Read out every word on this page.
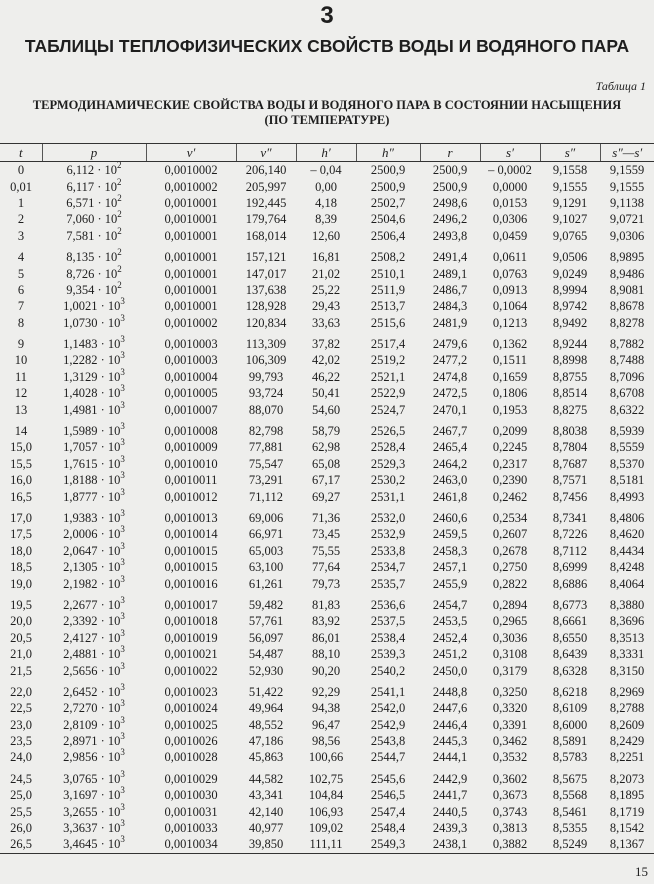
3
ТАБЛИЦЫ ТЕПЛОФИЗИЧЕСКИХ СВОЙСТВ ВОДЫ И ВОДЯНОГО ПАРА
Таблица 1
ТЕРМОДИНАМИЧЕСКИЕ СВОЙСТВА ВОДЫ И ВОДЯНОГО ПАРА В СОСТОЯНИИ НАСЫЩЕНИЯ
(ПО ТЕМПЕРАТУРЕ)
t	p	v′	v″	h′	h″	r	s′	s″	s″—s′
0	$6,112 \cdot 10^2$	0,0010002	206,140	– 0,04	2500,9	2500,9	– 0,0002	9,1558	9,1559
0,01	$6,117 \cdot 10^2$	0,0010002	205,997	0,00	2500,9	2500,9	0,0000	9,1555	9,1555
1	$6,571 \cdot 10^2$	0,0010001	192,445	4,18	2502,7	2498,6	0,0153	9,1291	9,1138
2	$7,060 \cdot 10^2$	0,0010001	179,764	8,39	2504,6	2496,2	0,0306	9,1027	9,0721
3	$7,581 \cdot 10^2$	0,0010001	168,014	12,60	2506,4	2493,8	0,0459	9,0765	9,0306
4	$8,135 \cdot 10^2$	0,0010001	157,121	16,81	2508,2	2491,4	0,0611	9,0506	8,9895
5	$8,726 \cdot 10^2$	0,0010001	147,017	21,02	2510,1	2489,1	0,0763	9,0249	8,9486
6	$9,354 \cdot 10^2$	0,0010001	137,638	25,22	2511,9	2486,7	0,0913	8,9994	8,9081
7	$1,0021 \cdot 10^3$	0,0010001	128,928	29,43	2513,7	2484,3	0,1064	8,9742	8,8678
8	$1,0730 \cdot 10^3$	0,0010002	120,834	33,63	2515,6	2481,9	0,1213	8,9492	8,8278
9	$1,1483 \cdot 10^3$	0,0010003	113,309	37,82	2517,4	2479,6	0,1362	8,9244	8,7882
10	$1,2282 \cdot 10^3$	0,0010003	106,309	42,02	2519,2	2477,2	0,1511	8,8998	8,7488
11	$1,3129 \cdot 10^3$	0,0010004	99,793	46,22	2521,1	2474,8	0,1659	8,8755	8,7096
12	$1,4028 \cdot 10^3$	0,0010005	93,724	50,41	2522,9	2472,5	0,1806	8,8514	8,6708
13	$1,4981 \cdot 10^3$	0,0010007	88,070	54,60	2524,7	2470,1	0,1953	8,8275	8,6322
14	$1,5989 \cdot 10^3$	0,0010008	82,798	58,79	2526,5	2467,7	0,2099	8,8038	8,5939
15,0	$1,7057 \cdot 10^3$	0,0010009	77,881	62,98	2528,4	2465,4	0,2245	8,7804	8,5559
15,5	$1,7615 \cdot 10^3$	0,0010010	75,547	65,08	2529,3	2464,2	0,2317	8,7687	8,5370
16,0	$1,8188 \cdot 10^3$	0,0010011	73,291	67,17	2530,2	2463,0	0,2390	8,7571	8,5181
16,5	$1,8777 \cdot 10^3$	0,0010012	71,112	69,27	2531,1	2461,8	0,2462	8,7456	8,4993
17,0	$1,9383 \cdot 10^3$	0,0010013	69,006	71,36	2532,0	2460,6	0,2534	8,7341	8,4806
17,5	$2,0006 \cdot 10^3$	0,0010014	66,971	73,45	2532,9	2459,5	0,2607	8,7226	8,4620
18,0	$2,0647 \cdot 10^3$	0,0010015	65,003	75,55	2533,8	2458,3	0,2678	8,7112	8,4434
18,5	$2,1305 \cdot 10^3$	0,0010015	63,100	77,64	2534,7	2457,1	0,2750	8,6999	8,4248
19,0	$2,1982 \cdot 10^3$	0,0010016	61,261	79,73	2535,7	2455,9	0,2822	8,6886	8,4064
19,5	$2,2677 \cdot 10^3$	0,0010017	59,482	81,83	2536,6	2454,7	0,2894	8,6773	8,3880
20,0	$2,3392 \cdot 10^3$	0,0010018	57,761	83,92	2537,5	2453,5	0,2965	8,6661	8,3696
20,5	$2,4127 \cdot 10^3$	0,0010019	56,097	86,01	2538,4	2452,4	0,3036	8,6550	8,3513
21,0	$2,4881 \cdot 10^3$	0,0010021	54,487	88,10	2539,3	2451,2	0,3108	8,6439	8,3331
21,5	$2,5656 \cdot 10^3$	0,0010022	52,930	90,20	2540,2	2450,0	0,3179	8,6328	8,3150
22,0	$2,6452 \cdot 10^3$	0,0010023	51,422	92,29	2541,1	2448,8	0,3250	8,6218	8,2969
22,5	$2,7270 \cdot 10^3$	0,0010024	49,964	94,38	2542,0	2447,6	0,3320	8,6109	8,2788
23,0	$2,8109 \cdot 10^3$	0,0010025	48,552	96,47	2542,9	2446,4	0,3391	8,6000	8,2609
23,5	$2,8971 \cdot 10^3$	0,0010026	47,186	98,56	2543,8	2445,3	0,3462	8,5891	8,2429
24,0	$2,9856 \cdot 10^3$	0,0010028	45,863	100,66	2544,7	2444,1	0,3532	8,5783	8,2251
24,5	$3,0765 \cdot 10^3$	0,0010029	44,582	102,75	2545,6	2442,9	0,3602	8,5675	8,2073
25,0	$3,1697 \cdot 10^3$	0,0010030	43,341	104,84	2546,5	2441,7	0,3673	8,5568	8,1895
25,5	$3,2655 \cdot 10^3$	0,0010031	42,140	106,93	2547,4	2440,5	0,3743	8,5461	8,1719
26,0	$3,3637 \cdot 10^3$	0,0010033	40,977	109,02	2548,4	2439,3	0,3813	8,5355	8,1542
26,5	$3,4645 \cdot 10^3$	0,0010034	39,850	111,11	2549,3	2438,1	0,3882	8,5249	8,1367
15
